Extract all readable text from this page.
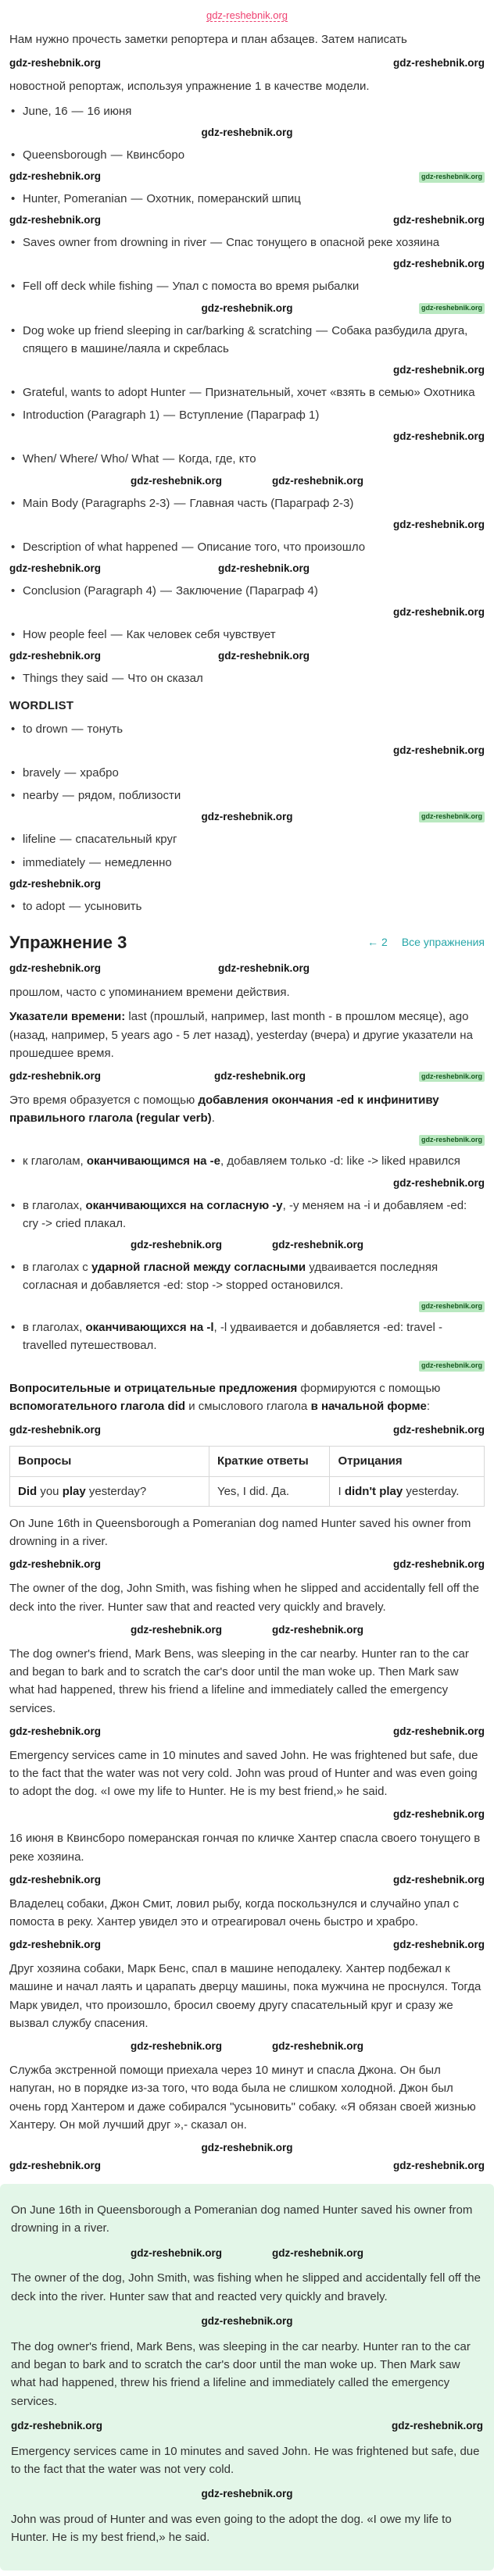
gdz-reshebnik.org

Нам нужно прочесть заметки репортера и план абзацев. Затем написать

gdz-reshebnik.org	gdz-reshebnik.org

новостной репортаж, используя упражнение 1 в качестве модели.

• June, 16 — 16 июня
gdz-reshebnik.org
• Queensborough — Квинсборо
gdz-reshebnik.org	gdz-reshebnik.org
• Hunter, Pomeranian — Охотник, померанский шпиц
gdz-reshebnik.org	gdz-reshebnik.org
• Saves owner from drowning in river — Спас тонущего в опасной реке хозяина
gdz-reshebnik.org
• Fell off deck while fishing — Упал с помоста во время рыбалки
gdz-reshebnik.org	gdz-reshebnik.org
• Dog woke up friend sleeping in car/barking & scratching — Собака разбудила друга, спящего в машине/лаяла и скреблась
gdz-reshebnik.org
• Grateful, wants to adopt Hunter — Признательный, хочет «взять в семью» Охотника
• Introduction (Paragraph 1) — Вступление (Параграф 1)
gdz-reshebnik.org
• When/ Where/ Who/ What — Когда, где, кто
gdz-reshebnik.org	gdz-reshebnik.org
• Main Body (Paragraphs 2-3) — Главная часть (Параграф 2-3)
gdz-reshebnik.org
• Description of what happened — Описание того, что произошло
gdz-reshebnik.org	gdz-reshebnik.org
• Conclusion (Paragraph 4) — Заключение (Параграф 4)
gdz-reshebnik.org
• How people feel — Как человек себя чувствует
gdz-reshebnik.org	gdz-reshebnik.org
• Things they said — Что он сказал
WORDLIST
• to drown — тонуть
gdz-reshebnik.org
• bravely — храбро
• nearby — рядом, поблизости
gdz-reshebnik.org	gdz-reshebnik.org
• lifeline — спасательный круг
• immediately — немедленно
gdz-reshebnik.org
• to adopt — усыновить
Упражнение 3	← 2 Все упражнения
gdz-reshebnik.org	gdz-reshebnik.org

прошлом, часто с упоминанием времени действия.

Указатели времени: last (прошлый, например, last month - в прошлом месяце), ago (назад, например, 5 years ago - 5 лет назад), yesterday (вчера) и другие указатели на прошедшее время.

gdz-reshebnik.org	gdz-reshebnik.org	gdz-reshebnik.org

Это время образуется с помощью добавления окончания -ed к инфинитиву правильного глагола (regular verb).

gdz-reshebnik.org
• к глаголам, оканчивающимся на -e, добавляем только -d: like -> liked нравился
gdz-reshebnik.org
• в глаголах, оканчивающихся на согласную -y, -y меняем на -i и добавляем -ed: cry -> cried плакал.
gdz-reshebnik.org	gdz-reshebnik.org
• в глаголах с ударной гласной между согласными удваивается последняя согласная и добавляется -ed: stop -> stopped остановился.
gdz-reshebnik.org
• в глаголах, оканчивающихся на -l, -l удваивается и добавляется -ed: travel - travelled путешествовал.
gdz-reshebnik.org

Вопросительные и отрицательные предложения формируются с помощью вспомогательного глагола did и смыслового глагола в начальной форме:

gdz-reshebnik.org	gdz-reshebnik.org
Вопросы	Краткие ответы	Отрицания
Did you play yesterday?	Yes, I did. Да.	I didn't play yesterday.

On June 16th in Queensborough a Pomeranian dog named Hunter saved his owner from drowning in a river.

gdz-reshebnik.org	gdz-reshebnik.org

The owner of the dog, John Smith, was fishing when he slipped and accidentally fell off the deck into the river. Hunter saw that and reacted very quickly and bravely.

gdz-reshebnik.org	gdz-reshebnik.org

The dog owner's friend, Mark Bens, was sleeping in the car nearby. Hunter ran to the car and began to bark and to scratch the car's door until the man woke up. Then Mark saw what had happened, threw his friend a lifeline and immediately called the emergency services.

gdz-reshebnik.org	gdz-reshebnik.org

Emergency services came in 10 minutes and saved John. He was frightened but safe, due to the fact that the water was not very cold. John was proud of Hunter and was even going to adopt the dog. «I owe my life to Hunter. He is my best friend,» he said.

gdz-reshebnik.org

16 июня в Квинсборо померанская гончая по кличке Хантер спасла своего тонущего в реке хозяина.

gdz-reshebnik.org	gdz-reshebnik.org

Владелец собаки, Джон Смит, ловил рыбу, когда поскользнулся и случайно упал с помоста в реку. Хантер увидел это и отреагировал очень быстро и храбро.

gdz-reshebnik.org	gdz-reshebnik.org

Друг хозяина собаки, Марк Бенс, спал в машине неподалеку. Хантер подбежал к машине и начал лаять и царапать дверцу машины, пока мужчина не проснулся. Тогда Марк увидел, что произошло, бросил своему другу спасательный круг и сразу же вызвал службу спасения.

gdz-reshebnik.org	gdz-reshebnik.org

Служба экстренной помощи приехала через 10 минут и спасла Джона. Он был напуган, но в порядке из-за того, что вода была не слишком холодной. Джон был очень горд Хантером и даже собирался "усыновить" собаку. «Я обязан своей жизнью Хантеру. Он мой лучший друг »,- сказал он.

gdz-reshebnik.org
gdz-reshebnik.org	gdz-reshebnik.org

On June 16th in Queensborough a Pomeranian dog named Hunter saved his owner from drowning in a river.

gdz-reshebnik.org	gdz-reshebnik.org

The owner of the dog, John Smith, was fishing when he slipped and accidentally fell off the deck into the river. Hunter saw that and reacted very quickly and bravely.

gdz-reshebnik.org

The dog owner's friend, Mark Bens, was sleeping in the car nearby. Hunter ran to the car and began to bark and to scratch the car's door until the man woke up. Then Mark saw what had happened, threw his friend a lifeline and immediately called the emergency services.

gdz-reshebnik.org	gdz-reshebnik.org

Emergency services came in 10 minutes and saved John. He was frightened but safe, due to the fact that the water was not very cold.

gdz-reshebnik.org

John was proud of Hunter and was even going to the adopt the dog. «I owe my life to Hunter. He is my best friend,» he said.
